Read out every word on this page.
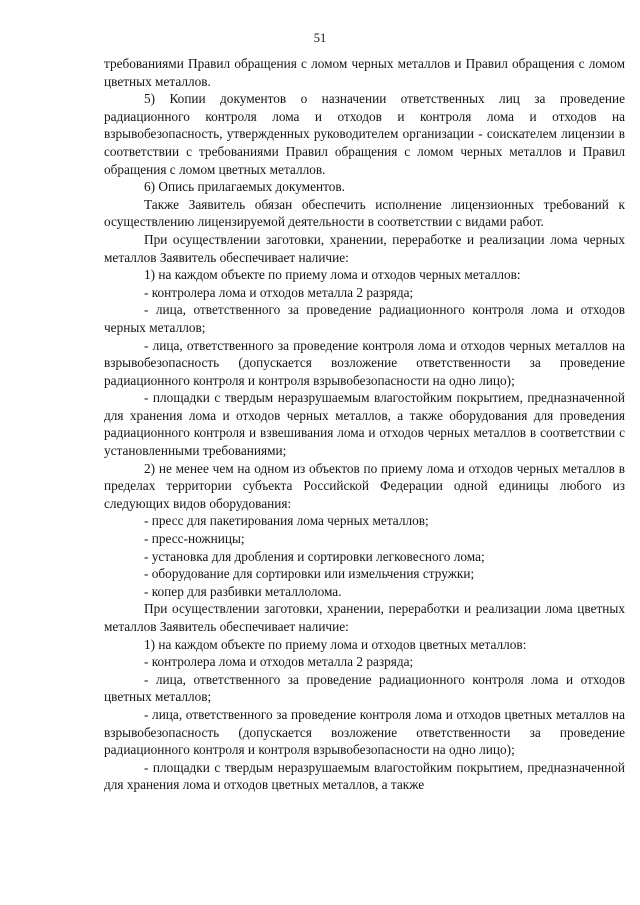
51

требованиями Правил обращения с ломом черных металлов и Правил обращения с ломом цветных металлов.

5) Копии документов о назначении ответственных лиц за проведение радиационного контроля лома и отходов и контроля лома и отходов на взрывобезопасность, утвержденных руководителем организации - соискателем лицензии в соответствии с требованиями Правил обращения с ломом черных металлов и Правил обращения с ломом цветных металлов.

6) Опись прилагаемых документов.

Также Заявитель обязан обеспечить исполнение лицензионных требований к осуществлению лицензируемой деятельности в соответствии с видами работ.

При осуществлении заготовки, хранении, переработке и реализации лома черных металлов Заявитель обеспечивает наличие:

1) на каждом объекте по приему лома и отходов черных металлов:

- контролера лома и отходов металла 2 разряда;

- лица, ответственного за проведение радиационного контроля лома и отходов черных металлов;

- лица, ответственного за проведение контроля лома и отходов черных металлов на взрывобезопасность (допускается возложение ответственности за проведение радиационного контроля и контроля взрывобезопасности на одно лицо);

- площадки с твердым неразрушаемым влагостойким покрытием, предназначенной для хранения лома и отходов черных металлов, а также оборудования для проведения радиационного контроля и взвешивания лома и отходов черных металлов в соответствии с установленными требованиями;

2) не менее чем на одном из объектов по приему лома и отходов черных металлов в пределах территории субъекта Российской Федерации одной единицы любого из следующих видов оборудования:

- пресс для пакетирования лома черных металлов;

- пресс-ножницы;

- установка для дробления и сортировки легковесного лома;

- оборудование для сортировки или измельчения стружки;

- копер для разбивки металлолома.

При осуществлении заготовки, хранении, переработки и реализации лома цветных металлов Заявитель обеспечивает наличие:

1) на каждом объекте по приему лома и отходов цветных металлов:

- контролера лома и отходов металла 2 разряда;

- лица, ответственного за проведение радиационного контроля лома и отходов цветных металлов;

- лица, ответственного за проведение контроля лома и отходов цветных металлов на взрывобезопасность (допускается возложение ответственности за проведение радиационного контроля и контроля взрывобезопасности на одно лицо);

- площадки с твердым неразрушаемым влагостойким покрытием, предназначенной для хранения лома и отходов цветных металлов, а также
